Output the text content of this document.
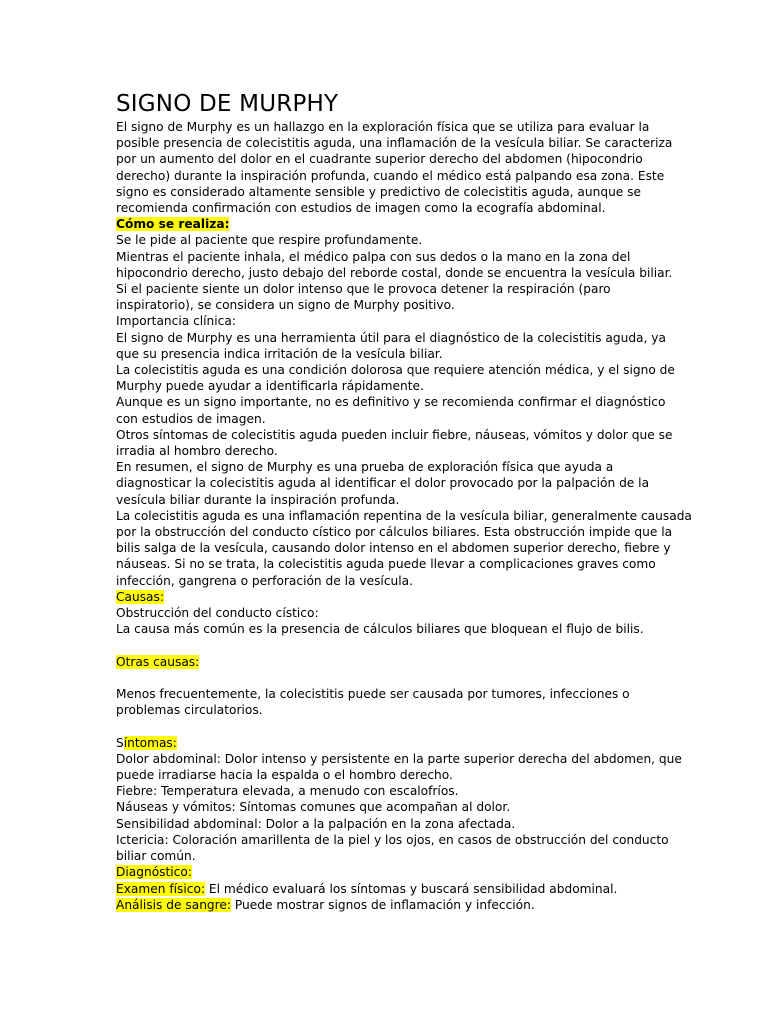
SIGNO DE MURPHY
El signo de Murphy es un hallazgo en la exploración física que se utiliza para evaluar la
posible presencia de colecistitis aguda, una inflamación de la vesícula biliar. Se caracteriza
por un aumento del dolor en el cuadrante superior derecho del abdomen (hipocondrio
derecho) durante la inspiración profunda, cuando el médico está palpando esa zona. Este
signo es considerado altamente sensible y predictivo de colecistitis aguda, aunque se
recomienda confirmación con estudios de imagen como la ecografía abdominal.
Cómo se realiza:
Se le pide al paciente que respire profundamente.
Mientras el paciente inhala, el médico palpa con sus dedos o la mano en la zona del
hipocondrio derecho, justo debajo del reborde costal, donde se encuentra la vesícula biliar.
Si el paciente siente un dolor intenso que le provoca detener la respiración (paro
inspiratorio), se considera un signo de Murphy positivo.
Importancia clínica:
El signo de Murphy es una herramienta útil para el diagnóstico de la colecistitis aguda, ya
que su presencia indica irritación de la vesícula biliar.
La colecistitis aguda es una condición dolorosa que requiere atención médica, y el signo de
Murphy puede ayudar a identificarla rápidamente.
Aunque es un signo importante, no es definitivo y se recomienda confirmar el diagnóstico
con estudios de imagen.
Otros síntomas de colecistitis aguda pueden incluir fiebre, náuseas, vómitos y dolor que se
irradia al hombro derecho.
En resumen, el signo de Murphy es una prueba de exploración física que ayuda a
diagnosticar la colecistitis aguda al identificar el dolor provocado por la palpación de la
vesícula biliar durante la inspiración profunda.
La colecistitis aguda es una inflamación repentina de la vesícula biliar, generalmente causada
por la obstrucción del conducto cístico por cálculos biliares. Esta obstrucción impide que la
bilis salga de la vesícula, causando dolor intenso en el abdomen superior derecho, fiebre y
náuseas. Si no se trata, la colecistitis aguda puede llevar a complicaciones graves como
infección, gangrena o perforación de la vesícula.
Causas:
Obstrucción del conducto cístico:
La causa más común es la presencia de cálculos biliares que bloquean el flujo de bilis.
Otras causas:
Menos frecuentemente, la colecistitis puede ser causada por tumores, infecciones o
problemas circulatorios.
Síntomas:
Dolor abdominal: Dolor intenso y persistente en la parte superior derecha del abdomen, que
puede irradiarse hacia la espalda o el hombro derecho.
Fiebre: Temperatura elevada, a menudo con escalofríos.
Náuseas y vómitos: Síntomas comunes que acompañan al dolor.
Sensibilidad abdominal: Dolor a la palpación en la zona afectada.
Ictericia: Coloración amarillenta de la piel y los ojos, en casos de obstrucción del conducto
biliar común.
Diagnóstico:
Examen físico: El médico evaluará los síntomas y buscará sensibilidad abdominal.
Análisis de sangre: Puede mostrar signos de inflamación y infección.
